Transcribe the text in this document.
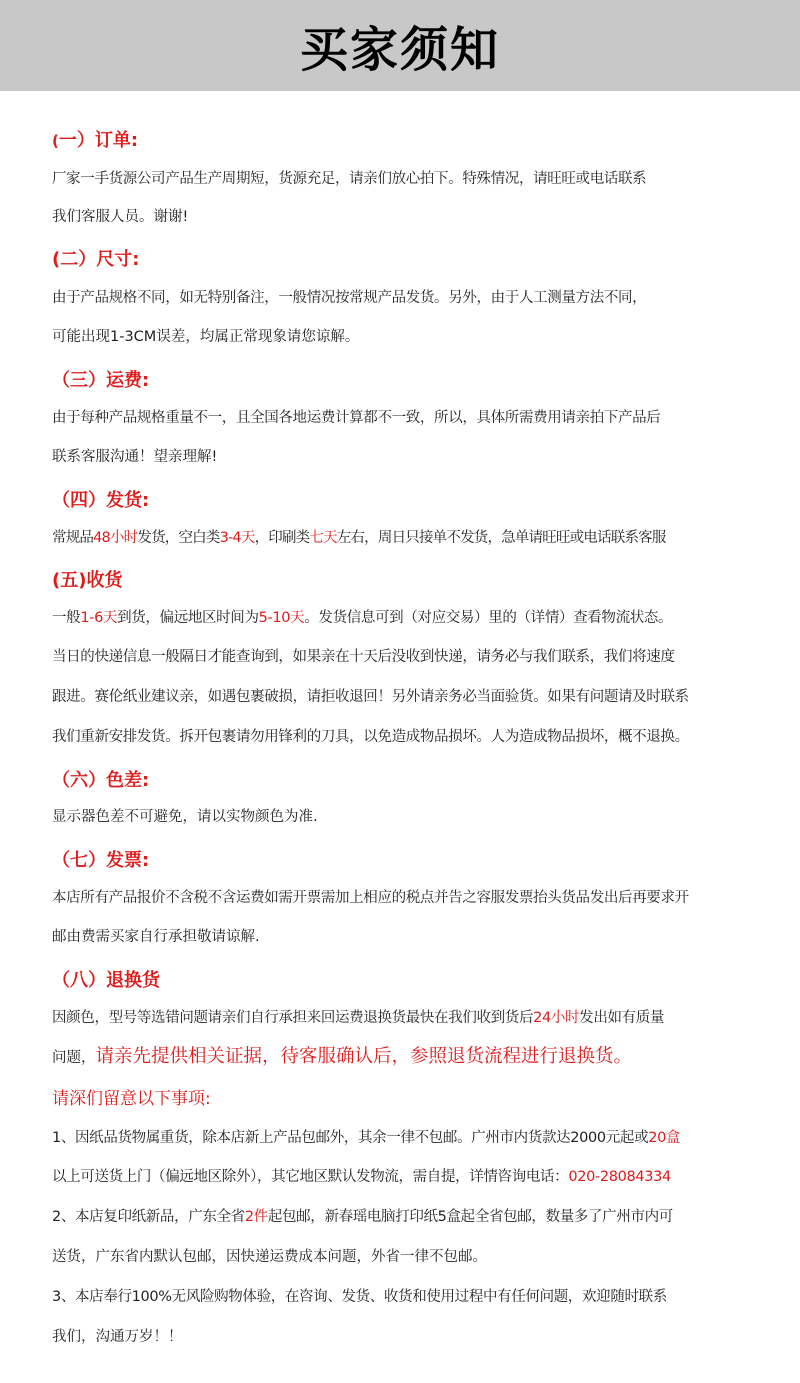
买家须知
(一）订单:
厂家一手货源公司产品生产周期短，货源充足，请亲们放心拍下。特殊情况，请旺旺或电话联系
我们客服人员。谢谢!
(二）尺寸:
由于产品规格不同，如无特别备注，一般情况按常规产品发货。另外，由于人工测量方法不同，
可能出现1-3CM误差，均属正常现象请您谅解。
（三）运费:
由于每种产品规格重量不一，且全国各地运费计算都不一致，所以，具体所需费用请亲拍下产品后
联系客服沟通！望亲理解!
（四）发货:
常规品48小时发货，空白类3-4天，印刷类七天左右，周日只接单不发货，急单请旺旺或电话联系客服
(五)收货
一般1-6天到货，偏远地区时间为5-10天。发货信息可到（对应交易）里的（详情）查看物流状态。
当日的快递信息一般隔日才能查询到，如果亲在十天后没收到快递，请务必与我们联系，我们将速度
跟进。赛伦纸业建议亲，如遇包裹破损，请拒收退回！另外请亲务必当面验货。如果有问题请及时联系
我们重新安排发货。拆开包裹请勿用锋利的刀具，以免造成物品损坏。人为造成物品损坏，概不退换。
（六）色差:
显示器色差不可避免，请以实物颜色为准.
（七）发票:
本店所有产品报价不含税不含运费如需开票需加上相应的税点并告之容服发票抬头货品发出后再要求开
邮由费需买家自行承担敬请谅解.
（八）退换货
因颜色，型号等选错问题请亲们自行承担来回运费退换货最快在我们收到货后24小时发出如有质量
问题，请亲先提供相关证据，待客服确认后，参照退货流程进行退换货。
请深们留意以下事项:
1、因纸品货物属重货，除本店新上产品包邮外，其余一律不包邮。广州市内货款达2000元起或20盒
以上可送货上门（偏远地区除外），其它地区默认发物流，需自提，详情咨询电话：020-28084334
2、本店复印纸新品，广东全省2件起包邮，新春瑶电脑打印纸5盒起全省包邮，数量多了广州市内可
送货，广东省内默认包邮，因快递运费成本问题，外省一律不包邮。
3、本店奉行100%无风险购物体验，在咨询、发货、收货和使用过程中有任何问题，欢迎随时联系
我们，沟通万岁！！
